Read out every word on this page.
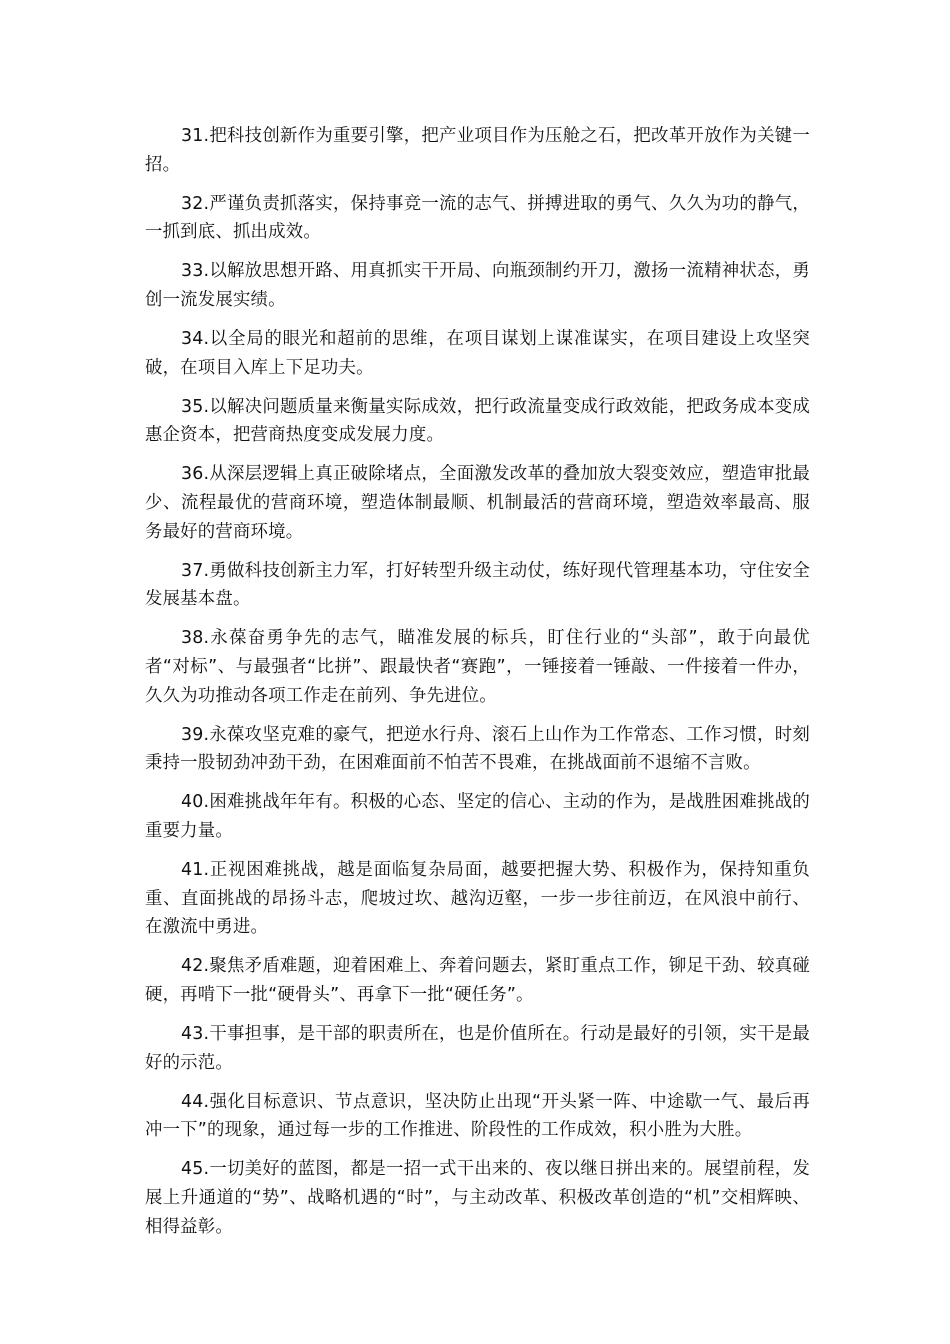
31.把科技创新作为重要引擎，把产业项目作为压舱之石，把改革开放作为关键一招。

32.严谨负责抓落实，保持事竞一流的志气、拼搏进取的勇气、久久为功的静气，一抓到底、抓出成效。

33.以解放思想开路、用真抓实干开局、向瓶颈制约开刀，激扬一流精神状态，勇创一流发展实绩。

34.以全局的眼光和超前的思维，在项目谋划上谋准谋实，在项目建设上攻坚突破，在项目入库上下足功夫。

35.以解决问题质量来衡量实际成效，把行政流量变成行政效能，把政务成本变成惠企资本，把营商热度变成发展力度。

36.从深层逻辑上真正破除堵点，全面激发改革的叠加放大裂变效应，塑造审批最少、流程最优的营商环境，塑造体制最顺、机制最活的营商环境，塑造效率最高、服务最好的营商环境。

37.勇做科技创新主力军，打好转型升级主动仗，练好现代管理基本功，守住安全发展基本盘。

38.永葆奋勇争先的志气，瞄准发展的标兵，盯住行业的“头部”，敢于向最优者“对标”、与最强者“比拼”、跟最快者“赛跑”，一锤接着一锤敲、一件接着一件办，久久为功推动各项工作走在前列、争先进位。

39.永葆攻坚克难的豪气，把逆水行舟、滚石上山作为工作常态、工作习惯，时刻秉持一股韧劲冲劲干劲，在困难面前不怕苦不畏难，在挑战面前不退缩不言败。

40.困难挑战年年有。积极的心态、坚定的信心、主动的作为，是战胜困难挑战的重要力量。

41.正视困难挑战，越是面临复杂局面，越要把握大势、积极作为，保持知重负重、直面挑战的昂扬斗志，爬坡过坎、越沟迈壑，一步一步往前迈，在风浪中前行、在激流中勇进。

42.聚焦矛盾难题，迎着困难上、奔着问题去，紧盯重点工作，铆足干劲、较真碰硬，再啃下一批“硬骨头”、再拿下一批“硬任务”。

43.干事担事，是干部的职责所在，也是价值所在。行动是最好的引领，实干是最好的示范。

44.强化目标意识、节点意识，坚决防止出现“开头紧一阵、中途歇一气、最后再冲一下”的现象，通过每一步的工作推进、阶段性的工作成效，积小胜为大胜。

45.一切美好的蓝图，都是一招一式干出来的、夜以继日拼出来的。展望前程，发展上升通道的“势”、战略机遇的“时”，与主动改革、积极改革创造的“机”交相辉映、相得益彰。
